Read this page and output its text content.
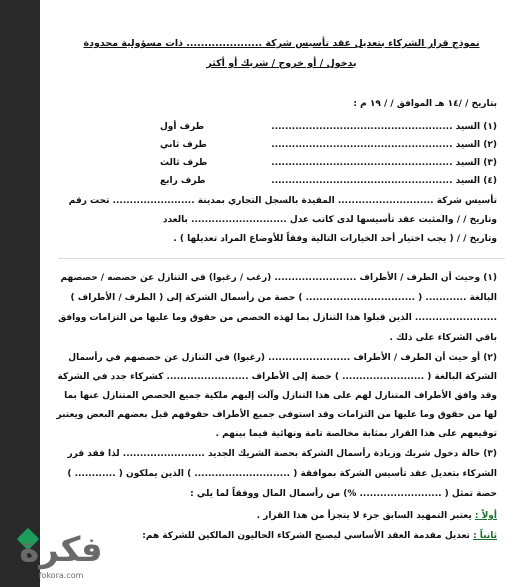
نموذج قرار الشركاء بتعديل عقد تأسيس شركة ..................... ذات مسؤولية محدودة
بدخول / أو خروج / شريك أو أكثر
بتاريخ / /١٤ هـ الموافق / / ١٩ م :
(١) السيد .....................................................
طرف أول
(٢) السيد .....................................................
طرف ثاني
(٣) السيد .....................................................
طرف ثالث
(٤) السيد .....................................................
طرف رابع
تأسيس شركة ............................ المقيدة بالسجل التجاري بمدينة ........................ تحت رقم
وتاريخ / / والمثبت عقد تأسيسها لدى كاتب عدل ............................ بالعدد
وتاريخ / / ( يجب اختيار أحد الخيارات التالية وفقاً للأوضاع المراد تعديلها ) .
(١) وحيث أن الطرف / الأطراف ........................ (رغب / رغبوا) في التنازل عن حصصه / حصصهم
البالغة ............ ( ................................ ) حصة من رأسمال الشركة إلى ( الطرف / الأطراف )
........................ الذين قبلوا هذا التنازل بما لهذه الحصص من حقوق وما عليها من التزامات ووافق
باقي الشركاء على ذلك .
(٢) أو حيث أن الطرف / الأطراف ........................ (رغبوا) في التنازل عن حصصهم في رأسمال
الشركة البالغة ( ........................ ) حصة إلى الأطراف ........................ كشركاء جدد في الشركة
وقد وافق الأطراف المتنازل لهم على هذا التنازل وآلت إليهم ملكية جميع الحصص المتنازل عنها بما
لها من حقوق وما عليها من التزامات وقد استوفى جميع الأطراف حقوقهم قبل بعضهم البعض ويعتبر
توقيعهم على هذا القرار بمثابة مخالصة تامة ونهائية فيما بينهم .
(٣) حالة دخول شريك وزيادة رأسمال الشركة بحصة الشريك الجديد ........................ لذا فقد قرر
الشركاء بتعديل عقد تأسيس الشركة بموافقة ( ............................ ) الذين يملكون ( ............ )
حصة تمثل ( ........................ %) من رأسمال المال ووفقاً لما يلي :
أولاً : يعتبر التمهيد السابق جزء لا يتجزأ من هذا القرار .
ثانياً : تعديل مقدمة العقد الأساسي ليصبح الشركاء الحاليون المالكين للشركة هم:
فكرة
fokora.com
